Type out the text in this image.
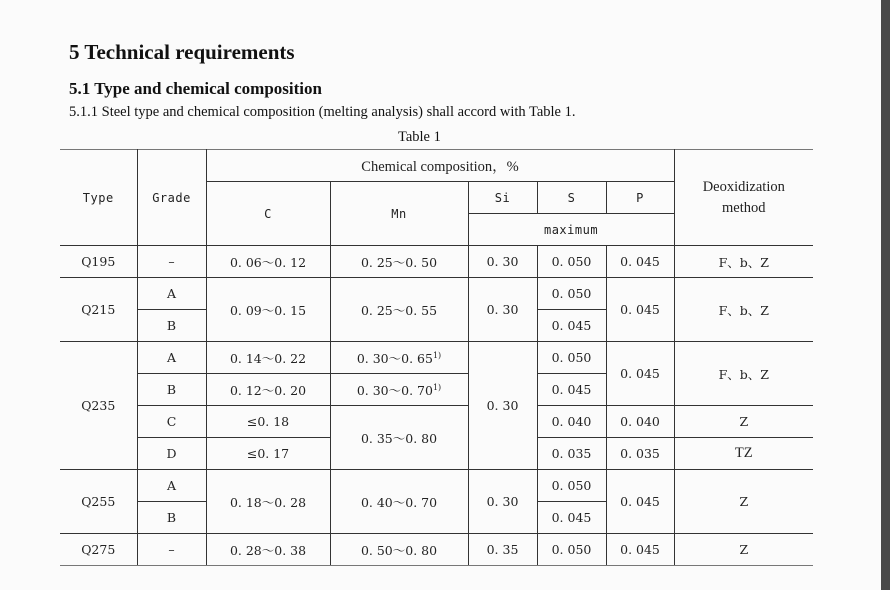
5 Technical requirements
5.1 Type and chemical composition
5.1.1 Steel type and chemical composition (melting analysis) shall accord with Table 1.
Table 1
Type	Grade	Chemical composition，%					Deoxidization
method

		C	Mn	Si	S	P	
				maximum			
Q195	–	0. 06～0. 12	0. 25～0. 50	0. 30	0. 050	0. 045	F、b、Z
Q215	A	0. 09～0. 15	0. 25～0. 55	0. 30	0. 050	0. 045	F、b、Z
	B				0. 045		
Q235	A	0. 14～0. 22	0. 30～0. 65$^{1)}$	0. 30	0. 050	0. 045	F、b、Z
	B	0. 12～0. 20	0. 30～0. 70$^{1)}$		0. 045		
	C	≤0. 18	0. 35～0. 80		0. 040	0. 040	Z
	D	≤0. 17			0. 035	0. 035	TZ
Q255	A	0. 18～0. 28	0. 40～0. 70	0. 30	0. 050	0. 045	Z
	B				0. 045		
Q275	–	0. 28～0. 38	0. 50～0. 80	0. 35	0. 050	0. 045	Z
